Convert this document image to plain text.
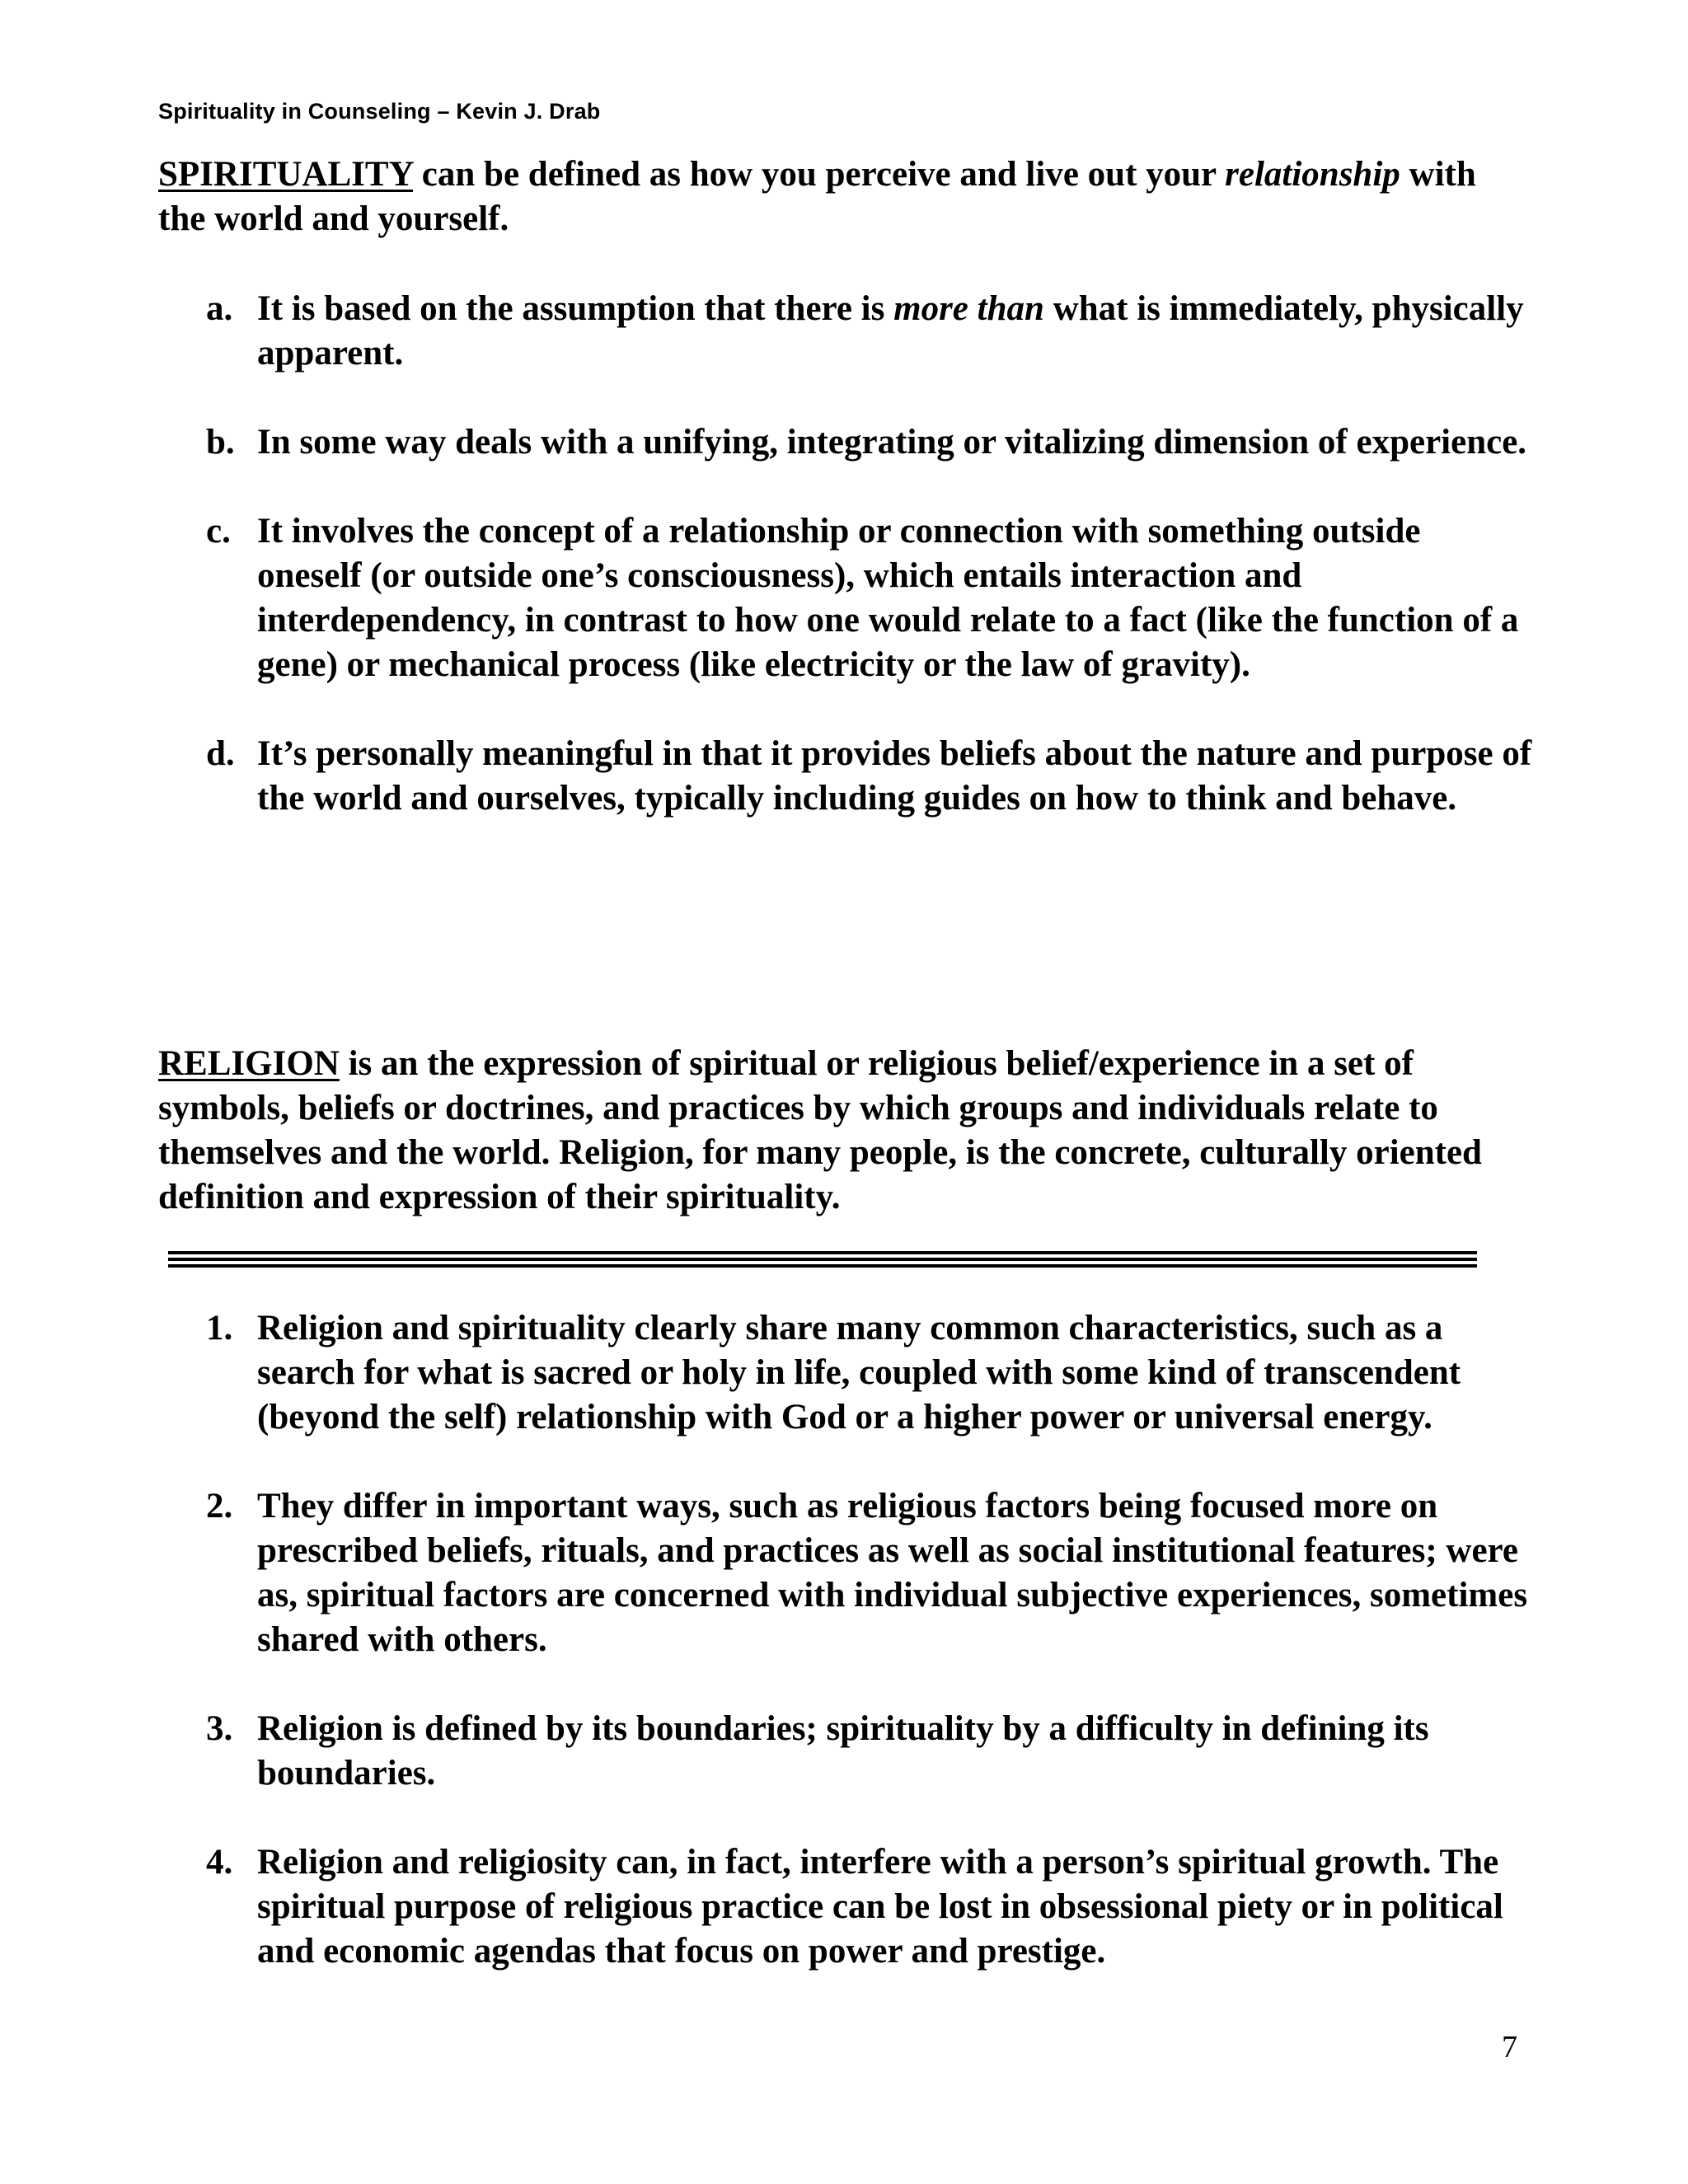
Spirituality in Counseling – Kevin J. Drab

SPIRITUALITY can be defined as how you perceive and live out your relationship with the world and yourself.

a. It is based on the assumption that there is more than what is immediately, physically apparent.
b. In some way deals with a unifying, integrating or vitalizing dimension of experience.
c. It involves the concept of a relationship or connection with something outside oneself (or outside one’s consciousness), which entails interaction and interdependency, in contrast to how one would relate to a fact (like the function of a gene) or mechanical process (like electricity or the law of gravity).
d. It’s personally meaningful in that it provides beliefs about the nature and purpose of the world and ourselves, typically including guides on how to think and behave.

RELIGION is an the expression of spiritual or religious belief/experience in a set of symbols, beliefs or doctrines, and practices by which groups and individuals relate to themselves and the world. Religion, for many people, is the concrete, culturally oriented definition and expression of their spirituality.

1. Religion and spirituality clearly share many common characteristics, such as a search for what is sacred or holy in life, coupled with some kind of transcendent (beyond the self) relationship with God or a higher power or universal energy.
2. They differ in important ways, such as religious factors being focused more on prescribed beliefs, rituals, and practices as well as social institutional features; were as, spiritual factors are concerned with individual subjective experiences, sometimes shared with others.
3. Religion is defined by its boundaries; spirituality by a difficulty in defining its boundaries.
4. Religion and religiosity can, in fact, interfere with a person’s spiritual growth. The spiritual purpose of religious practice can be lost in obsessional piety or in political and economic agendas that focus on power and prestige.
7
